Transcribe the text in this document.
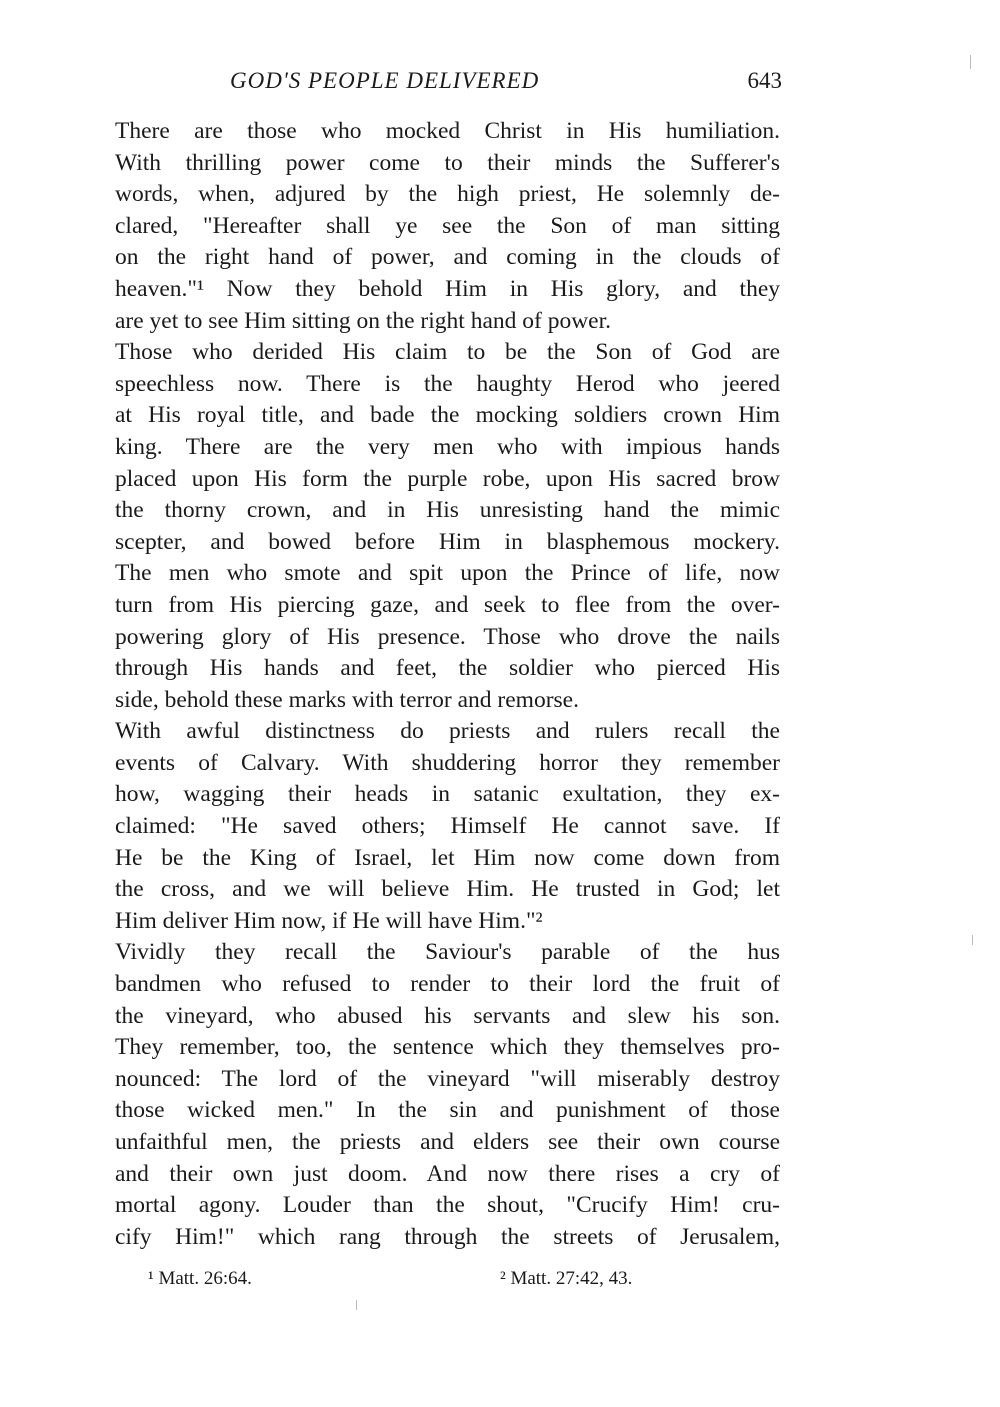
GOD'S PEOPLE DELIVERED	643

There are those who mocked Christ in His humiliation.
With thrilling power come to their minds the Sufferer's
words, when, adjured by the high priest, He solemnly de-
clared, "Hereafter shall ye see the Son of man sitting
on the right hand of power, and coming in the clouds of
heaven."¹ Now they behold Him in His glory, and they
are yet to see Him sitting on the right hand of power.

Those who derided His claim to be the Son of God are
speechless now. There is the haughty Herod who jeered
at His royal title, and bade the mocking soldiers crown Him
king. There are the very men who with impious hands
placed upon His form the purple robe, upon His sacred brow
the thorny crown, and in His unresisting hand the mimic
scepter, and bowed before Him in blasphemous mockery.
The men who smote and spit upon the Prince of life, now
turn from His piercing gaze, and seek to flee from the over-
powering glory of His presence. Those who drove the nails
through His hands and feet, the soldier who pierced His
side, behold these marks with terror and remorse.

With awful distinctness do priests and rulers recall the
events of Calvary. With shuddering horror they remember
how, wagging their heads in satanic exultation, they ex-
claimed: "He saved others; Himself He cannot save. If
He be the King of Israel, let Him now come down from
the cross, and we will believe Him. He trusted in God; let
Him deliver Him now, if He will have Him."²

Vividly they recall the Saviour's parable of the hus
bandmen who refused to render to their lord the fruit of
the vineyard, who abused his servants and slew his son.
They remember, too, the sentence which they themselves pro-
nounced: The lord of the vineyard "will miserably destroy
those wicked men." In the sin and punishment of those
unfaithful men, the priests and elders see their own course
and their own just doom. And now there rises a cry of
mortal agony. Louder than the shout, "Crucify Him! cru-
cify Him!" which rang through the streets of Jerusalem,

¹ Matt. 26:64.	² Matt. 27:42, 43.
